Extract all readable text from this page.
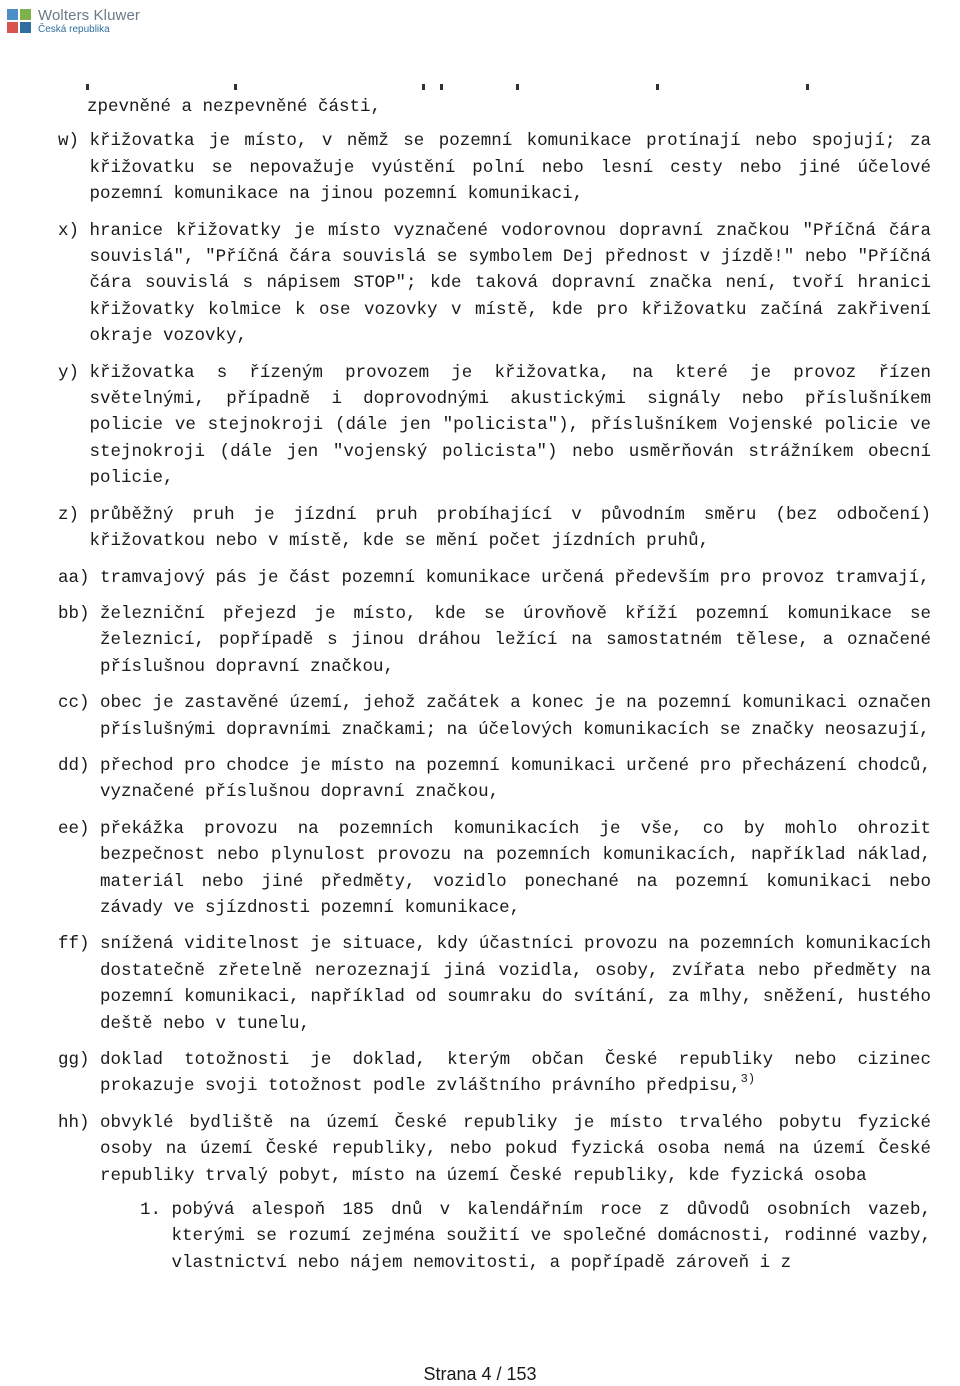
Wolters Kluwer
Česká republika
zpevněné a nezpevněné části,
w) křižovatka je místo, v němž se pozemní komunikace protínají nebo spojují; za křižovatku se nepovažuje vyústění polní nebo lesní cesty nebo jiné účelové pozemní komunikace na jinou pozemní komunikaci,
x) hranice křižovatky je místo vyznačené vodorovnou dopravní značkou "Příčná čára souvislá", "Příčná čára souvislá se symbolem Dej přednost v jízdě!" nebo "Příčná čára souvislá s nápisem STOP"; kde taková dopravní značka není, tvoří hranici křižovatky kolmice k ose vozovky v místě, kde pro křižovatku začíná zakřivení okraje vozovky,
y) křižovatka s řízeným provozem je křižovatka, na které je provoz řízen světelnými, případně i doprovodnými akustickými signály nebo příslušníkem policie ve stejnokroji (dále jen "policista"), příslušníkem Vojenské policie ve stejnokroji (dále jen "vojenský policista") nebo usměrňován strážníkem obecní policie,
z) průběžný pruh je jízdní pruh probíhající v původním směru (bez odbočení) křižovatkou nebo v místě, kde se mění počet jízdních pruhů,
aa) tramvajový pás je část pozemní komunikace určená především pro provoz tramvají,
bb) železniční přejezd je místo, kde se úrovňově kříží pozemní komunikace se železnicí, popřípadě s jinou dráhou ležící na samostatném tělese, a označené příslušnou dopravní značkou,
cc) obec je zastavěné území, jehož začátek a konec je na pozemní komunikaci označen příslušnými dopravními značkami; na účelových komunikacích se značky neosazují,
dd) přechod pro chodce je místo na pozemní komunikaci určené pro přecházení chodců, vyznačené příslušnou dopravní značkou,
ee) překážka provozu na pozemních komunikacích je vše, co by mohlo ohrozit bezpečnost nebo plynulost provozu na pozemních komunikacích, například náklad, materiál nebo jiné předměty, vozidlo ponechané na pozemní komunikaci nebo závady ve sjízdnosti pozemní komunikace,
ff) snížená viditelnost je situace, kdy účastníci provozu na pozemních komunikacích dostatečně zřetelně nerozeznají jiná vozidla, osoby, zvířata nebo předměty na pozemní komunikaci, například od soumraku do svítání, za mlhy, sněžení, hustého deště nebo v tunelu,
gg) doklad totožnosti je doklad, kterým občan České republiky nebo cizinec prokazuje svoji totožnost podle zvláštního právního předpisu,$^{3)}$
hh) obvyklé bydliště na území České republiky je místo trvalého pobytu fyzické osoby na území České republiky, nebo pokud fyzická osoba nemá na území České republiky trvalý pobyt, místo na území České republiky, kde fyzická osoba
1. pobývá alespoň 185 dnů v kalendářním roce z důvodů osobních vazeb, kterými se rozumí zejména soužití ve společné domácnosti, rodinné vazby, vlastnictví nebo nájem nemovitosti, a popřípadě zároveň i z
Strana 4 / 153
